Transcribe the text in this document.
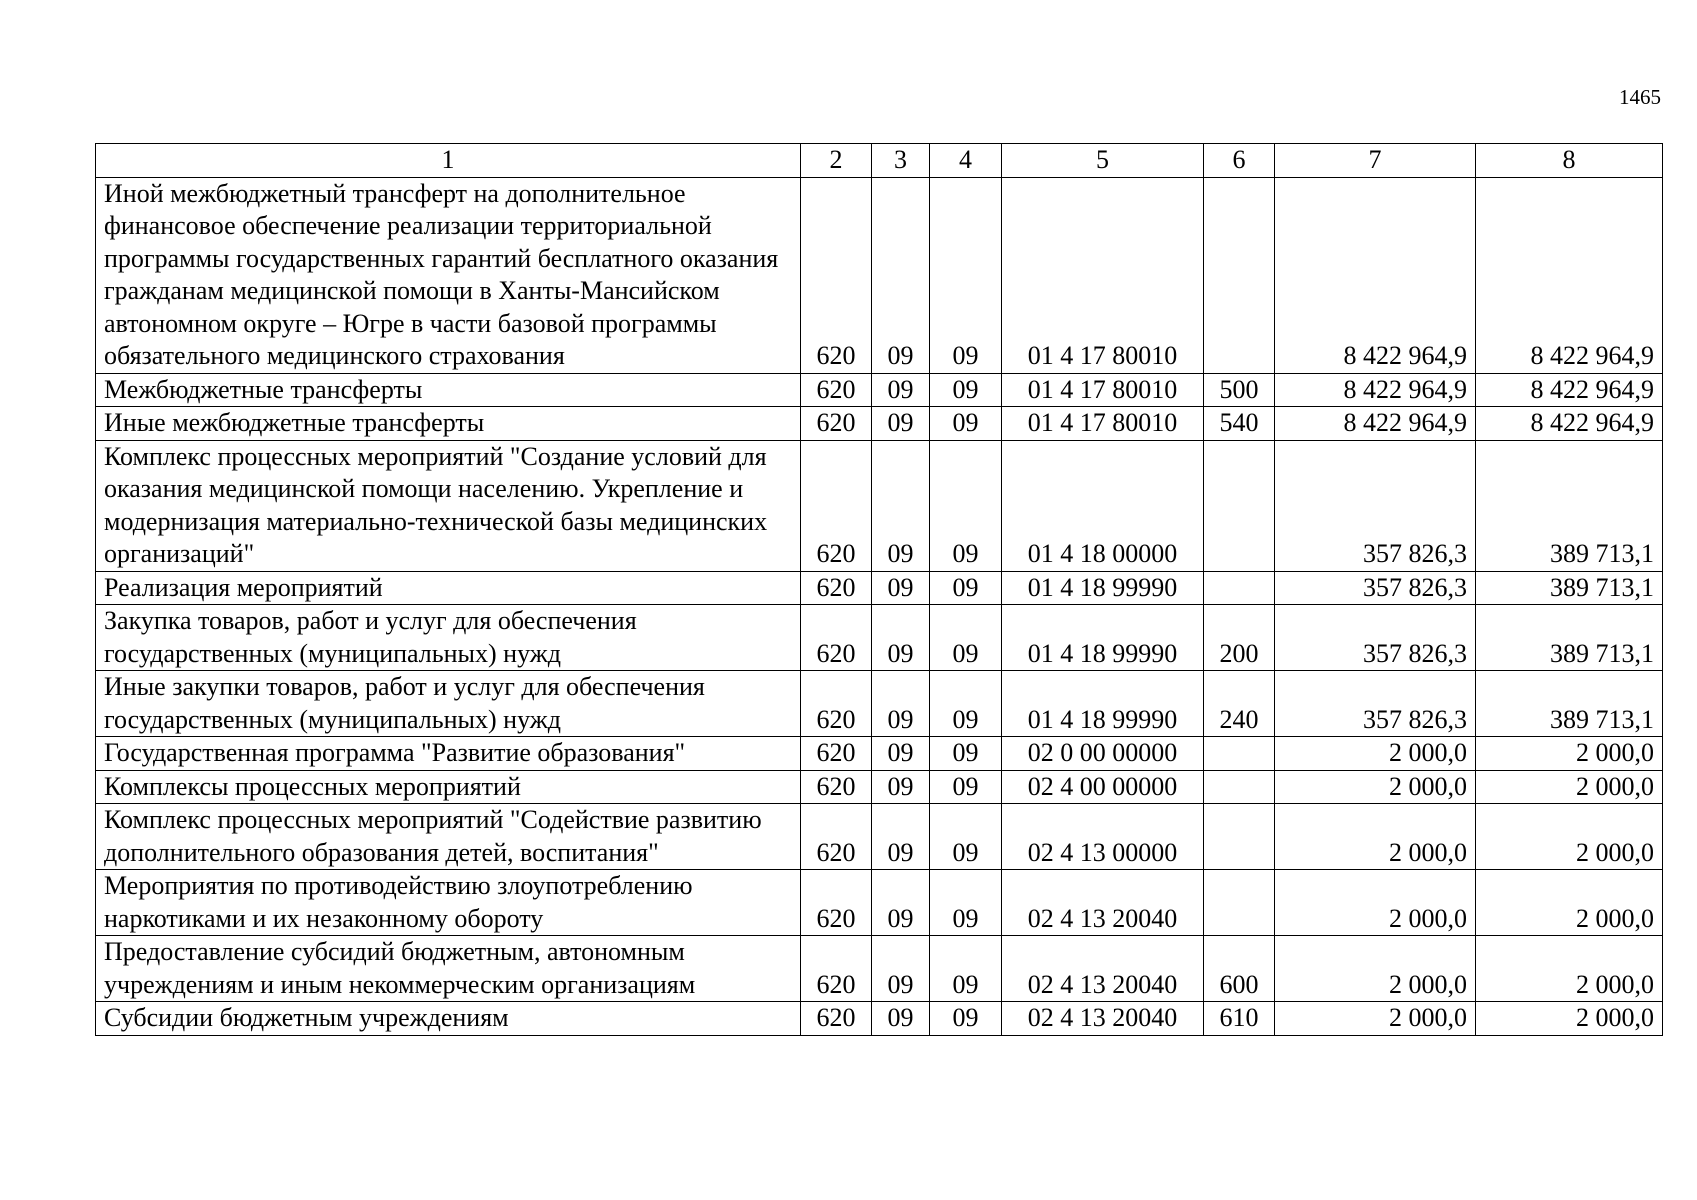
1465
1	2	3	4	5	6	7	8
Иной межбюджетный трансферт на дополнительное финансовое обеспечение реализации территориальной программы государственных гарантий бесплатного оказания гражданам медицинской помощи в Ханты-Мансийском автономном округе – Югре в части базовой программы обязательного медицинского страхования	620	09	09	01 4 17 80010		8 422 964,9	8 422 964,9
Межбюджетные трансферты	620	09	09	01 4 17 80010	500	8 422 964,9	8 422 964,9
Иные межбюджетные трансферты	620	09	09	01 4 17 80010	540	8 422 964,9	8 422 964,9
Комплекс процессных мероприятий "Создание условий для оказания медицинской помощи населению. Укрепление и модернизация материально-технической базы медицинских организаций"	620	09	09	01 4 18 00000		357 826,3	389 713,1
Реализация мероприятий	620	09	09	01 4 18 99990		357 826,3	389 713,1
Закупка товаров, работ и услуг для обеспечения государственных (муниципальных) нужд	620	09	09	01 4 18 99990	200	357 826,3	389 713,1
Иные закупки товаров, работ и услуг для обеспечения государственных (муниципальных) нужд	620	09	09	01 4 18 99990	240	357 826,3	389 713,1
Государственная программа "Развитие образования"	620	09	09	02 0 00 00000		2 000,0	2 000,0
Комплексы процессных мероприятий	620	09	09	02 4 00 00000		2 000,0	2 000,0
Комплекс процессных мероприятий "Содействие развитию дополнительного образования детей, воспитания"	620	09	09	02 4 13 00000		2 000,0	2 000,0
Мероприятия по противодействию злоупотреблению наркотиками и их незаконному обороту	620	09	09	02 4 13 20040		2 000,0	2 000,0
Предоставление субсидий бюджетным, автономным учреждениям и иным некоммерческим организациям	620	09	09	02 4 13 20040	600	2 000,0	2 000,0
Субсидии бюджетным учреждениям	620	09	09	02 4 13 20040	610	2 000,0	2 000,0
